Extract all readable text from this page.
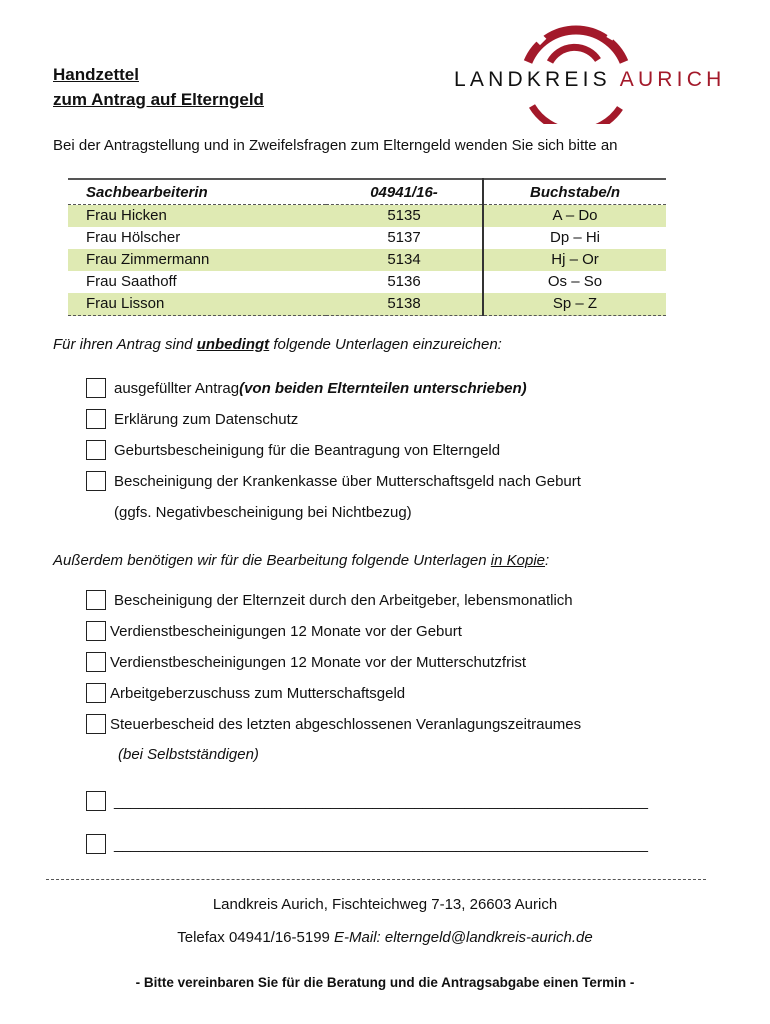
Handzettel
zum Antrag auf Elterngeld
LANDKREIS AURICH
Bei der Antragstellung und in Zweifelsfragen zum Elterngeld wenden Sie sich bitte an
Sachbearbeiterin	04941/16-	Buchstabe/n
Frau Hicken	5135	A – Do
Frau Hölscher	5137	Dp – Hi
Frau Zimmermann	5134	Hj – Or
Frau Saathoff	5136	Os – So
Frau Lisson	5138	Sp – Z
Für ihren Antrag sind unbedingt folgende Unterlagen einzureichen:
ausgefüllter Antrag (von beiden Elternteilen unterschrieben)
Erklärung zum Datenschutz
Geburtsbescheinigung für die Beantragung von Elterngeld
Bescheinigung der Krankenkasse über Mutterschaftsgeld nach Geburt
(ggfs. Negativbescheinigung bei Nichtbezug)
Außerdem benötigen wir für die Bearbeitung folgende Unterlagen in Kopie:
Bescheinigung der Elternzeit durch den Arbeitgeber, lebensmonatlich
Verdienstbescheinigungen 12 Monate vor der Geburt
Verdienstbescheinigungen 12 Monate vor der Mutterschutzfrist
Arbeitgeberzuschuss zum Mutterschaftsgeld
Steuerbescheid des letzten abgeschlossenen Veranlagungszeitraumes
(bei Selbstständigen)
________________________________________________________________
________________________________________________________________
Landkreis Aurich, Fischteichweg 7-13, 26603 Aurich
Telefax 04941/16-5199 E-Mail: elterngeld@landkreis-aurich.de
- Bitte vereinbaren Sie für die Beratung und die Antragsabgabe einen Termin -
